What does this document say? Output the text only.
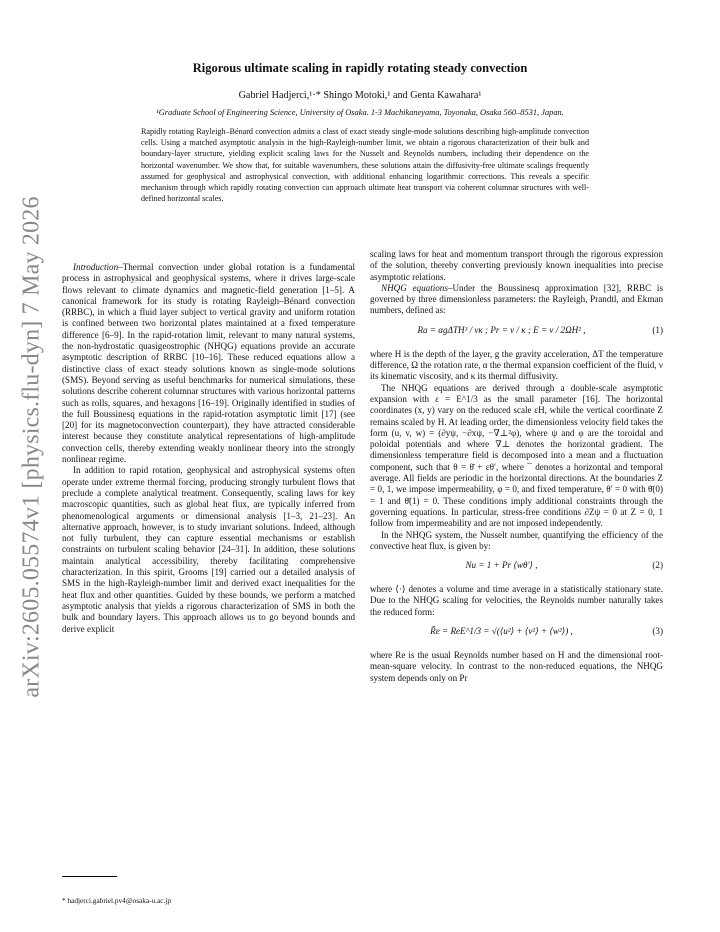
arXiv:2605.05574v1 [physics.flu-dyn] 7 May 2026
Rigorous ultimate scaling in rapidly rotating steady convection
Gabriel Hadjerci,¹·* Shingo Motoki,¹ and Genta Kawahara¹
¹Graduate School of Engineering Science, University of Osaka. 1-3 Machikaneyama, Toyonaka, Osaka 560–8531, Japan.
Rapidly rotating Rayleigh–Bénard convection admits a class of exact steady single-mode solutions describing high-amplitude convection cells. Using a matched asymptotic analysis in the high-Rayleigh-number limit, we obtain a rigorous characterization of their bulk and boundary-layer structure, yielding explicit scaling laws for the Nusselt and Reynolds numbers, including their dependence on the horizontal wavenumber. We show that, for suitable wavenumbers, these solutions attain the diffusivity-free ultimate scalings frequently assumed for geophysical and astrophysical convection, with additional enhancing logarithmic corrections. This reveals a specific mechanism through which rapidly rotating convection can approach ultimate heat transport via coherent columnar structures with well-defined horizontal scales.

Introduction–Thermal convection under global rotation is a fundamental process in astrophysical and geophysical systems, where it drives large-scale flows relevant to climate dynamics and magnetic-field generation [1–5]. A canonical framework for its study is rotating Rayleigh–Bénard convection (RRBC), in which a fluid layer subject to vertical gravity and uniform rotation is confined between two horizontal plates maintained at a fixed temperature difference [6–9]. In the rapid-rotation limit, relevant to many natural systems, the non-hydrostatic quasigeostrophic (NHQG) equations provide an accurate asymptotic description of RRBC [10–16]. These reduced equations allow a distinctive class of exact steady solutions known as single-mode solutions (SMS). Beyond serving as useful benchmarks for numerical simulations, these solutions describe coherent columnar structures with various horizontal patterns such as rolls, squares, and hexagons [16–19]. Originally identified in studies of the full Boussinesq equations in the rapid-rotation asymptotic limit [17] (see [20] for its magnetoconvection counterpart), they have attracted considerable interest because they constitute analytical representations of high-amplitude convection cells, thereby extending weakly nonlinear theory into the strongly nonlinear regime.

In addition to rapid rotation, geophysical and astrophysical systems often operate under extreme thermal forcing, producing strongly turbulent flows that preclude a complete analytical treatment. Consequently, scaling laws for key macroscopic quantities, such as global heat flux, are typically inferred from phenomenological arguments or dimensional analysis [1–3, 21–23]. An alternative approach, however, is to study invariant solutions. Indeed, although not fully turbulent, they can capture essential mechanisms or establish constraints on turbulent scaling behavior [24–31]. In addition, these solutions maintain analytical accessibility, thereby facilitating comprehensive characterization. In this spirit, Grooms [19] carried out a detailed analysis of SMS in the high-Rayleigh-number limit and derived exact inequalities for the heat flux and other quantities. Guided by these bounds, we perform a matched asymptotic analysis that yields a rigorous characterization of SMS in both the bulk and boundary layers. This approach allows us to go beyond bounds and derive explicit

scaling laws for heat and momentum transport through the rigorous expression of the solution, thereby converting previously known inequalities into precise asymptotic relations.

NHQG equations–Under the Boussinesq approximation [32], RRBC is governed by three dimensionless parameters: the Rayleigh, Prandtl, and Ekman numbers, defined as:

Ra = αgΔTH³ / νκ ; Pr = ν / κ ; E = ν / 2ΩH² ,	(1)

where H is the depth of the layer, g the gravity acceleration, ΔT the temperature difference, Ω the rotation rate, α the thermal expansion coefficient of the fluid, ν its kinematic viscosity, and κ its thermal diffusivity.

The NHQG equations are derived through a double-scale asymptotic expansion with ε = E^1/3 as the small parameter [16]. The horizontal coordinates (x, y) vary on the reduced scale εH, while the vertical coordinate Z remains scaled by H. At leading order, the dimensionless velocity field takes the form (u, v, w) = (∂yψ, −∂xψ, −∇⊥²φ), where ψ and φ are the toroidal and poloidal potentials and where ∇⊥ denotes the horizontal gradient. The dimensionless temperature field is decomposed into a mean and a fluctuation component, such that θ = θ̄ + εθ′, where ¯ denotes a horizontal and temporal average. All fields are periodic in the horizontal directions. At the boundaries Z = 0, 1, we impose impermeability, φ = 0, and fixed temperature, θ′ = 0 with θ̄(0) = 1 and θ̄(1) = 0. These conditions imply additional constraints through the governing equations. In particular, stress-free conditions ∂Zψ = 0 at Z = 0, 1 follow from impermeability and are not imposed independently.

In the NHQG system, the Nusselt number, quantifying the efficiency of the convective heat flux, is given by:

Nu = 1 + Pr ⟨wθ′⟩ ,	(2)

where ⟨·⟩ denotes a volume and time average in a statistically stationary state. Due to the NHQG scaling for velocities, the Reynolds number naturally takes the reduced form:

R̃e = ReE^1/3 = √(⟨u²⟩ + ⟨v²⟩ + ⟨w²⟩) ,	(3)

where Re is the usual Reynolds number based on H and the dimensional root-mean-square velocity. In contrast to the non-reduced equations, the NHQG system depends only on Pr

* hadjerci.gabriel.pv4@osaka-u.ac.jp
